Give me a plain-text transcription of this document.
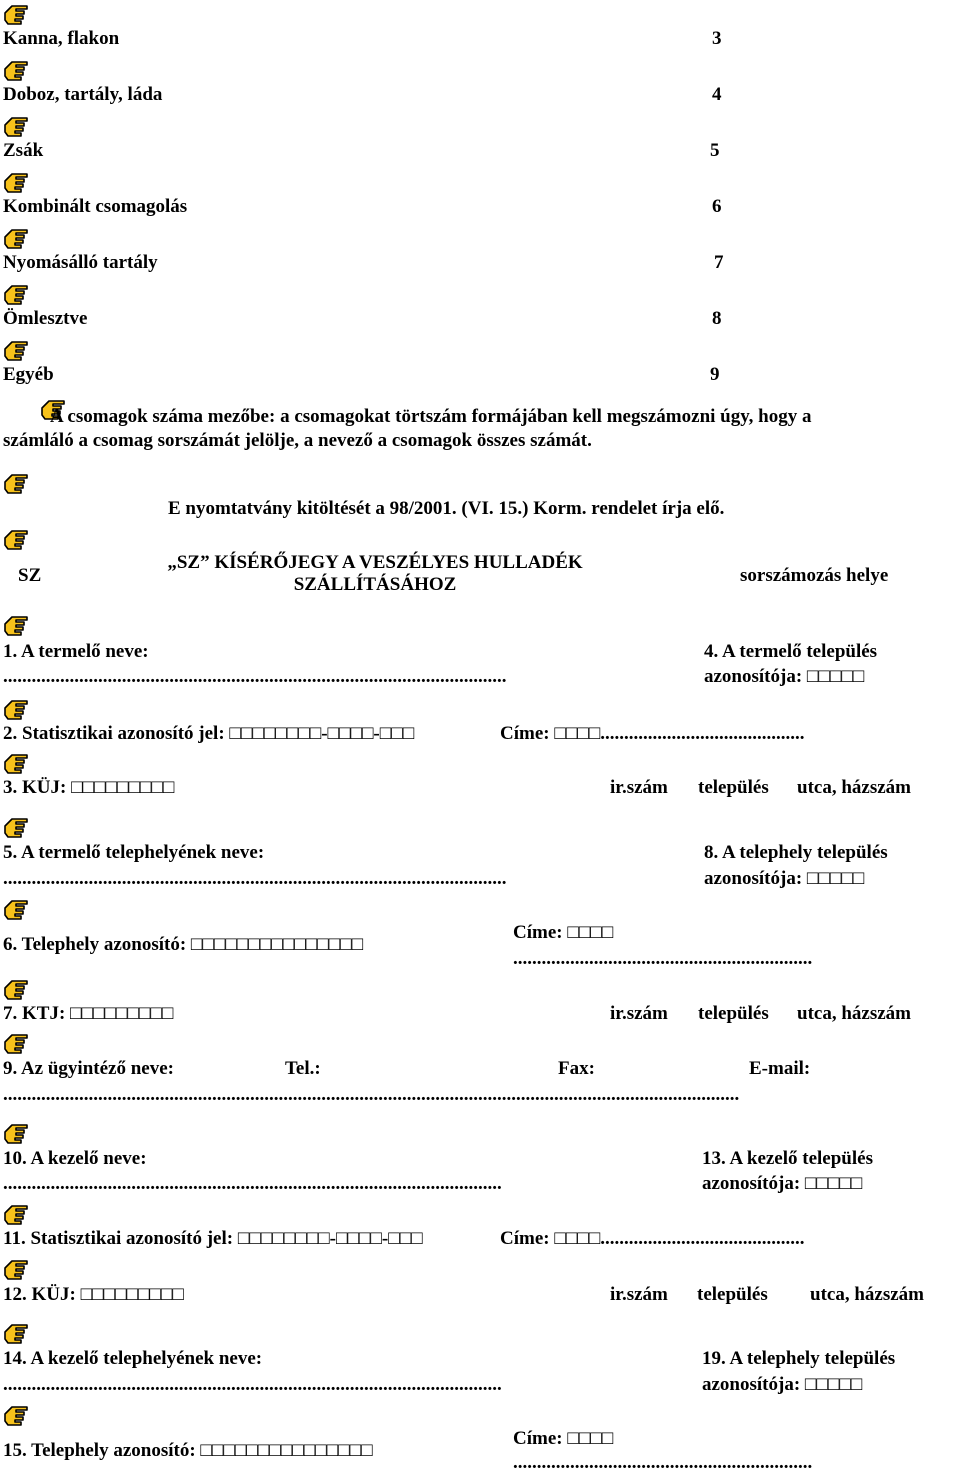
Kanna, flakon	3
Doboz, tartály, láda	4
Zsák	5
Kombinált csomagolás	6
Nyomásálló tartály	7
Ömlesztve	8
Egyéb	9
A csomagok száma mezőbe: a csomagokat törtszám formájában kell megszámozni úgy, hogy a
számláló a csomag sorszámát jelölje, a nevező a csomagok összes számát.
E nyomtatvány kitöltését a 98/2001. (VI. 15.) Korm. rendelet írja elő.
SZ
„SZ” KÍSÉRŐJEGY A VESZÉLYES HULLADÉK
SZÁLLÍTÁSÁHOZ	sorszámozás helye
1. A termelő neve:
..........................................................................................................
4. A termelő település
azonosítója: □□□□□
2. Statisztikai azonosító jel: □□□□□□□□-□□□□-□□□	Címe: □□□□...........................................
3. KÜJ: □□□□□□□□□	ir.szám település utca, házszám
5. A termelő telephelyének neve:
..........................................................................................................
8. A telephely település
azonosítója: □□□□□
6. Telephely azonosító: □□□□□□□□□□□□□□□
Címe: □□□□
...............................................................
7. KTJ: □□□□□□□□□	ir.szám település utca, házszám
9. Az ügyintéző neve:	Tel.:	Fax:	E-mail:
...........................................................................................................................................................
10. A kezelő neve:
.........................................................................................................
13. A kezelő település
azonosítója: □□□□□
11. Statisztikai azonosító jel: □□□□□□□□-□□□□-□□□	Címe: □□□□...........................................
12. KÜJ: □□□□□□□□□	ir.szám település utca, házszám
14. A kezelő telephelyének neve:
.........................................................................................................
19. A telephely település
azonosítója: □□□□□
15. Telephely azonosító: □□□□□□□□□□□□□□□
Címe: □□□□
...............................................................
